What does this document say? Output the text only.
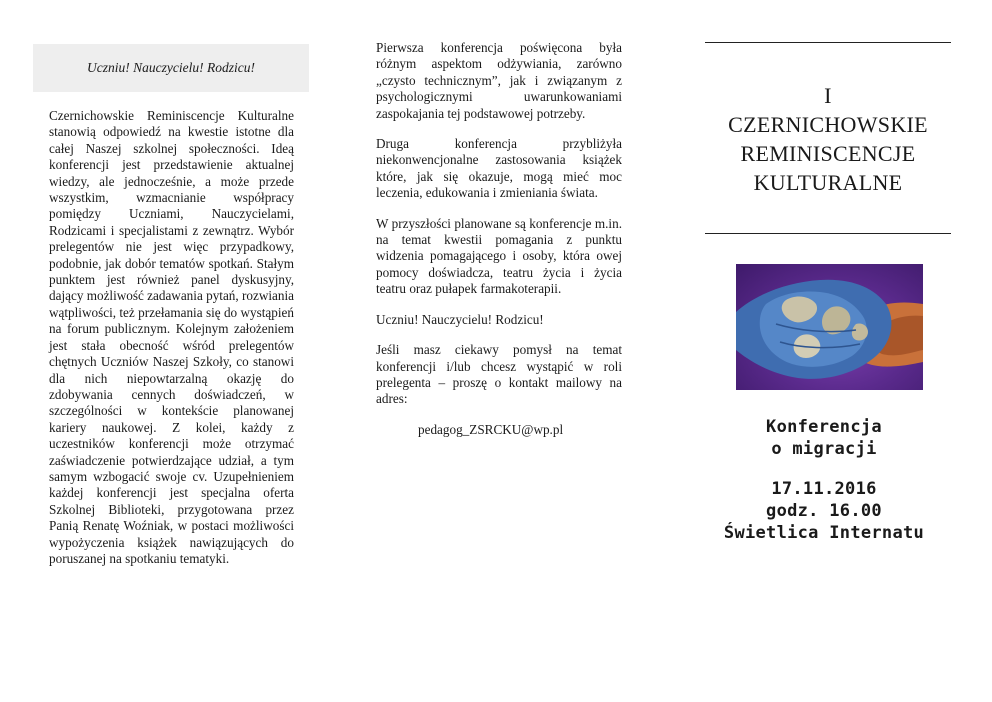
Uczniu! Nauczycielu! Rodzicu!
Czernichowskie Reminiscencje Kulturalne stanowią odpowiedź na kwestie istotne dla całej Naszej szkolnej społeczności. Ideą konferencji jest przedstawienie aktualnej wiedzy, ale jednocześnie, a może przede wszystkim, wzmacnianie współpracy pomiędzy Uczniami, Nauczycielami, Rodzicami i specjalistami z zewnątrz. Wybór prelegentów nie jest więc przypadkowy, podobnie, jak dobór tematów spotkań. Stałym punktem jest również panel dyskusyjny, dający możliwość zadawania pytań, rozwiania wątpliwości, też przełamania się do wystąpień na forum publicznym. Kolejnym założeniem jest stała obecność wśród prelegentów chętnych Uczniów Naszej Szkoły, co stanowi dla nich niepowtarzalną okazję do zdobywania cennych doświadczeń, w szczególności w kontekście planowanej kariery naukowej. Z kolei, każdy z uczestników konferencji może otrzymać zaświadczenie potwierdzające udział, a tym samym wzbogacić swoje cv. Uzupełnieniem każdej konferencji jest specjalna oferta Szkolnej Biblioteki, przygotowana przez Panią Renatę Woźniak, w postaci możliwości wypożyczenia książek nawiązujących do poruszanej na spotkaniu tematyki.
Pierwsza konferencja poświęcona była różnym aspektom odżywiania, zarówno „czysto technicznym”, jak i związanym z psychologicznymi uwarunkowaniami zaspokajania tej podstawowej potrzeby.
Druga konferencja przybliżyła niekonwencjonalne zastosowania książek które, jak się okazuje, mogą mieć moc leczenia, edukowania i zmieniania świata.
W przyszłości planowane są konferencje m.in. na temat kwestii pomagania z punktu widzenia pomagającego i osoby, która owej pomocy doświadcza, teatru życia i życia teatru oraz pułapek farmakoterapii.
Uczniu! Nauczycielu! Rodzicu!
Jeśli masz ciekawy pomysł na temat konferencji i/lub chcesz wystąpić w roli prelegenta – proszę o kontakt mailowy na adres:
pedagog_ZSRCKU@wp.pl
I
CZERNICHOWSKIE
REMINISCENCJE
KULTURALNE
Konferencja
o migracji
17.11.2016
godz. 16.00
Świetlica Internatu
